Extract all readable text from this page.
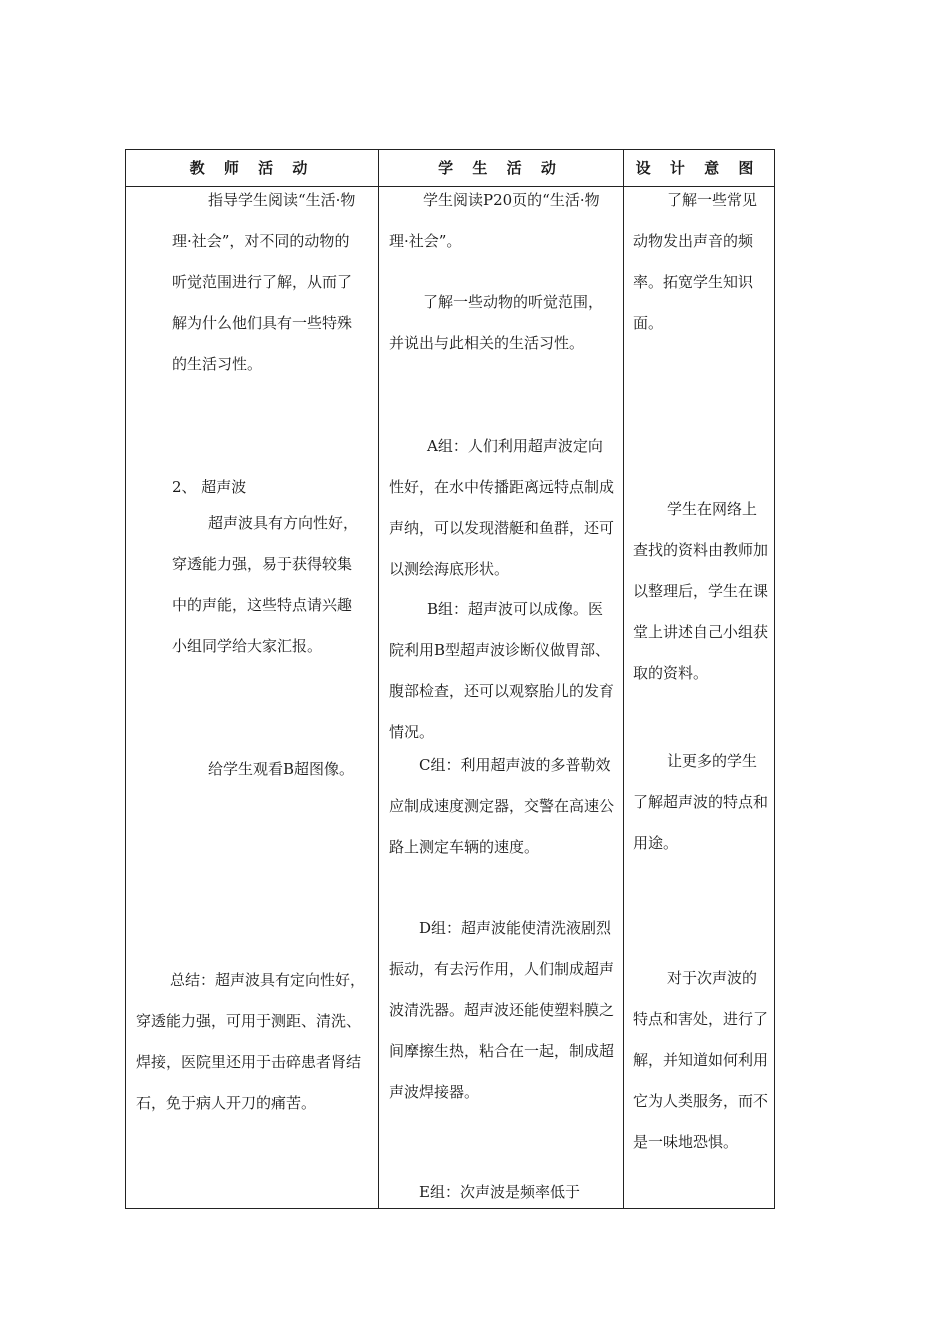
教 师 活 动	学 生 活 动	设 计 意 图

指导学生阅读“生活·物理·社会”，对不同的动物的听觉范围进行了解，从而了解为什么他们具有一些特殊的生活习性。

2、 超声波

超声波具有方向性好，穿透能力强，易于获得较集中的声能，这些特点请兴趣小组同学给大家汇报。

给学生观看B超图像。

总结：超声波具有定向性好，穿透能力强，可用于测距、清洗、焊接，医院里还用于击碎患者肾结石，免于病人开刀的痛苦。

学生阅读P20页的“生活·物理·社会”。

了解一些动物的听觉范围，并说出与此相关的生活习性。

A组：人们利用超声波定向性好，在水中传播距离远特点制成声纳，可以发现潜艇和鱼群，还可以测绘海底形状。

B组：超声波可以成像。医院利用B型超声波诊断仪做胃部、腹部检查，还可以观察胎儿的发育情况。

C组：利用超声波的多普勒效应制成速度测定器，交警在高速公路上测定车辆的速度。

D组：超声波能使清洗液剧烈振动，有去污作用，人们制成超声波清洗器。超声波还能使塑料膜之间摩擦生热，粘合在一起，制成超声波焊接器。

E组：次声波是频率低于

了解一些常见动物发出声音的频率。拓宽学生知识面。

学生在网络上查找的资料由教师加以整理后，学生在课堂上讲述自己小组获取的资料。

让更多的学生了解超声波的特点和用途。

对于次声波的特点和害处，进行了解，并知道如何利用它为人类服务，而不是一味地恐惧。
